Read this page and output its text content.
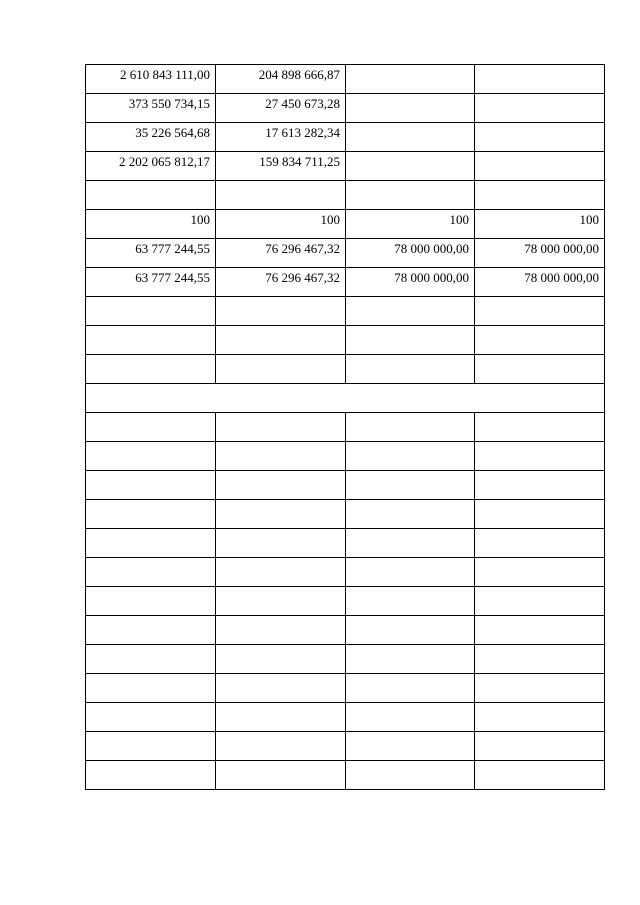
2 610 843 111,00	204 898 666,87		
373 550 734,15	27 450 673,28		
35 226 564,68	17 613 282,34		
2 202 065 812,17	159 834 711,25		

100	100	100	100
63 777 244,55	76 296 467,32	78 000 000,00	78 000 000,00
63 777 244,55	76 296 467,32	78 000 000,00	78 000 000,00
